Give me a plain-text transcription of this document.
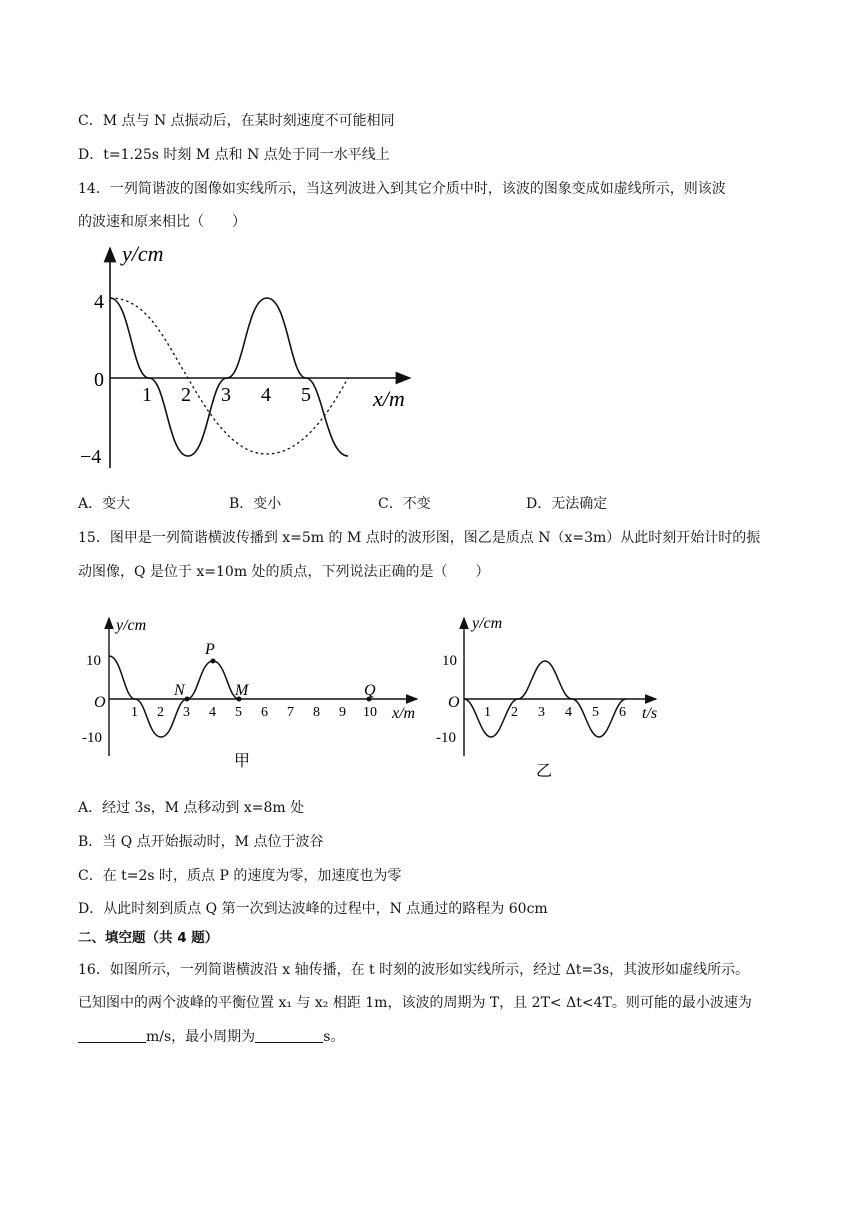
C．M 点与 N 点振动后，在某时刻速度不可能相同
D．t=1.25s 时刻 M 点和 N 点处于同一水平线上
14．一列简谐波的图像如实线所示，当这列波进入到其它介质中时，该波的图象变成如虚线所示，则该波
的波速和原来相比（　　）
y/cm
x/m
4
0
−4
1 2 3 4 5
A．变大	B．变小	C．不变	D．无法确定
15．图甲是一列简谐横波传播到 x=5m 的 M 点时的波形图，图乙是质点 N（x=3m）从此时刻开始计时的振
动图像，Q 是位于 x=10m 处的质点，下列说法正确的是（　　）
y/cm
x/m
O
10
-10
1 2 3 4 5 6 7 8 9 10
P
N	M	Q
甲
y/cm
t/s
O
10
-10
1 2 3 4 5 6
乙
A．经过 3s，M 点移动到 x=8m 处
B．当 Q 点开始振动时，M 点位于波谷
C．在 t=2s 时，质点 P 的速度为零，加速度也为零
D．从此时刻到质点 Q 第一次到达波峰的过程中，N 点通过的路程为 60cm
二、填空题（共 4 题）
16．如图所示，一列简谐横波沿 x 轴传播，在 t 时刻的波形如实线所示，经过 Δt=3s，其波形如虚线所示。
已知图中的两个波峰的平衡位置 x₁ 与 x₂ 相距 1m，该波的周期为 T，且 2T< Δt<4T。则可能的最小波速为
m/s，最小周期为	s。
